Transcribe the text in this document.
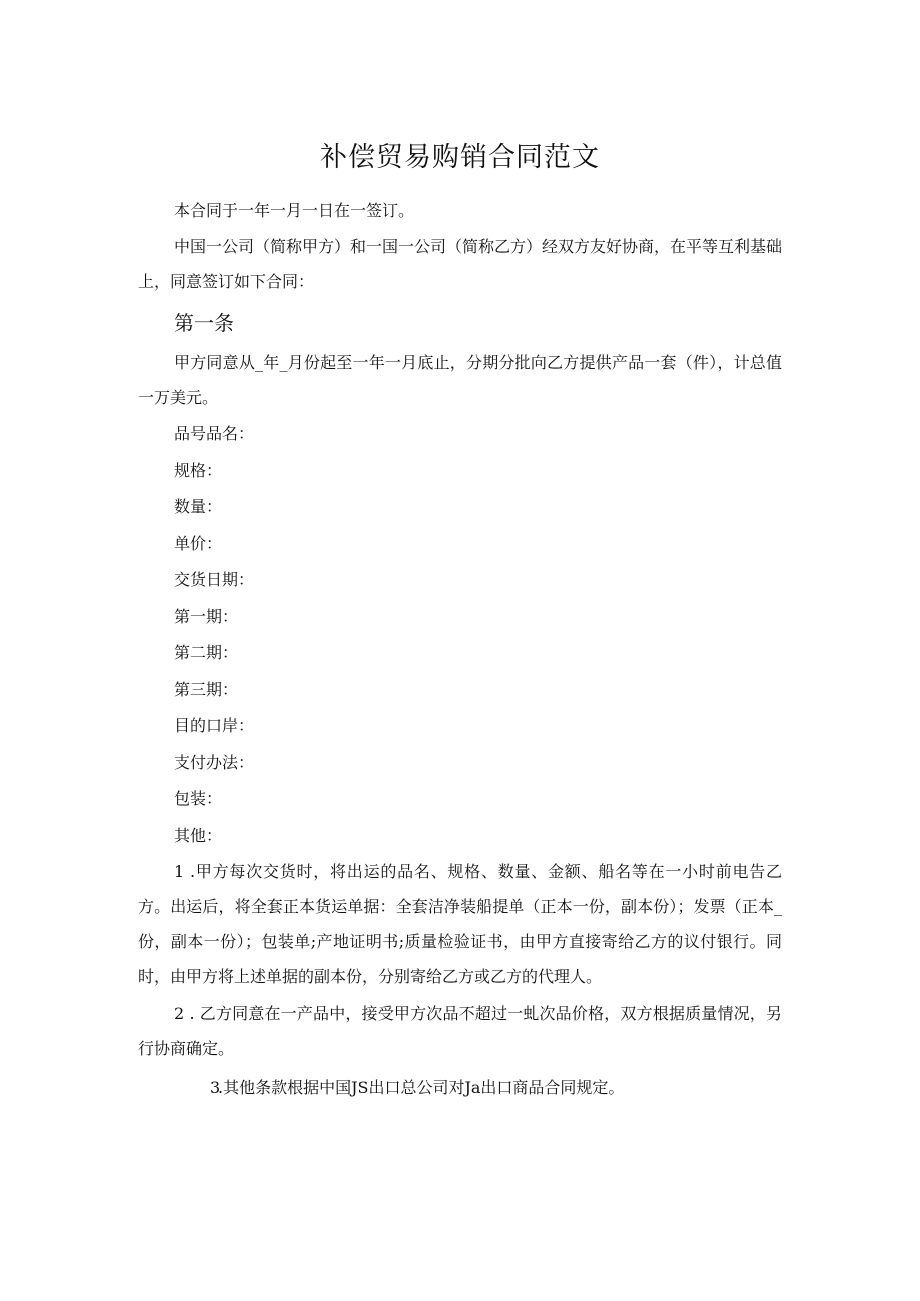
补偿贸易购销合同范文

本合同于一年一月一日在一签订。

中国一公司（简称甲方）和一国一公司（简称乙方）经双方友好协商，在平等互利基础上，同意签订如下合同：

第一条

甲方同意从_年_月份起至一年一月底止，分期分批向乙方提供产品一套（件），计总值一万美元。

品号品名：

规格：

数量：

单价：

交货日期：

第一期：

第二期：

第三期：

目的口岸：

支付办法：

包装：

其他：

1 .甲方每次交货时，将出运的品名、规格、数量、金额、船名等在一小时前电告乙方。出运后，将全套正本货运单据：全套洁净装船提单（正本一份，副本份）；发票（正本_份，副本一份）；包装单;产地证明书;质量检验证书，由甲方直接寄给乙方的议付银行。同时，由甲方将上述单据的副本份，分别寄给乙方或乙方的代理人。

2 . 乙方同意在一产品中，接受甲方次品不超过一虬次品价格，双方根据质量情况，另行协商确定。

3.其他条款根据中国JS出口总公司对Ja出口商品合同规定。
